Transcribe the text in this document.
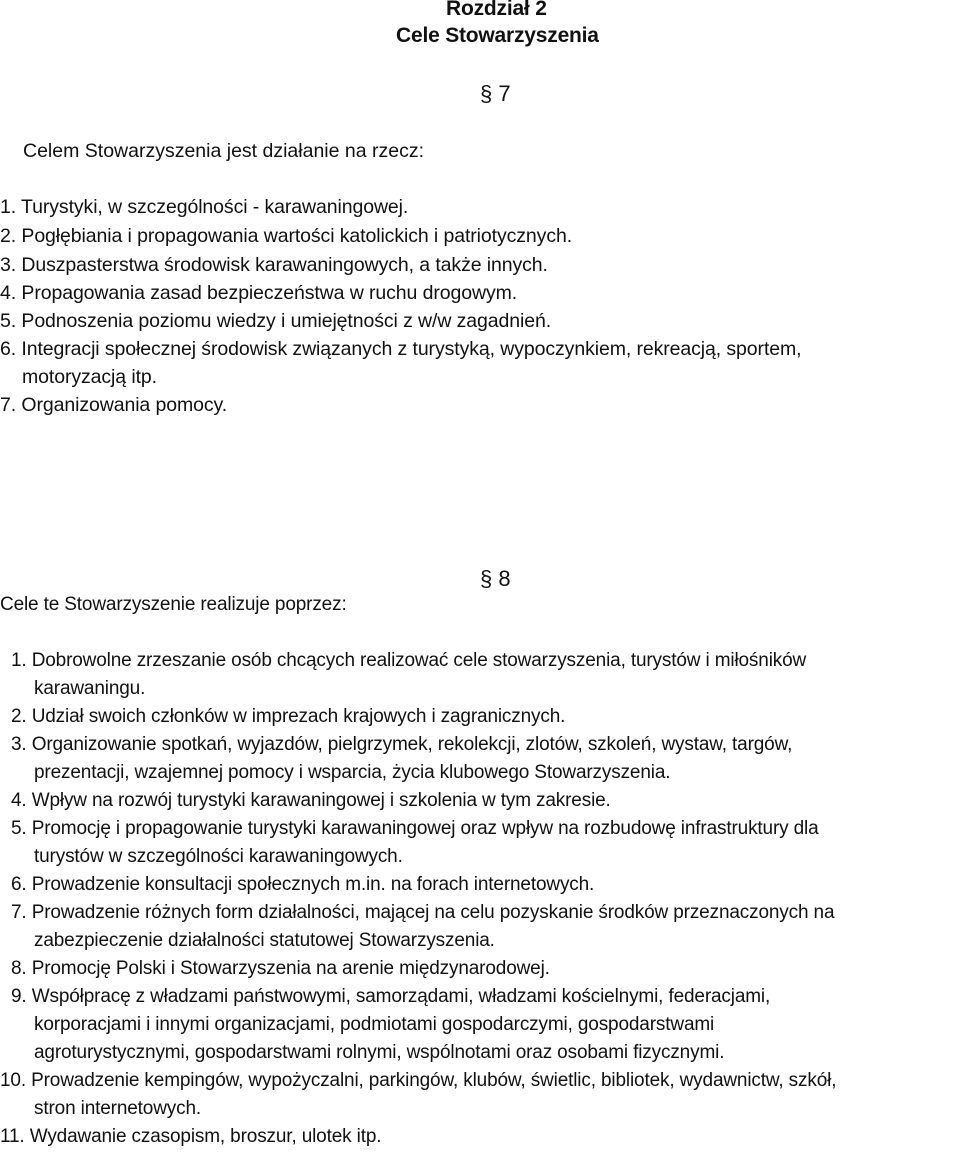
Rozdział 2
Cele Stowarzyszenia
§ 7
Celem Stowarzyszenia jest działanie na rzecz:
1. Turystyki, w szczególności - karawaningowej.
2. Pogłębiania i propagowania wartości katolickich i patriotycznych.
3. Duszpasterstwa środowisk karawaningowych, a także innych.
4. Propagowania zasad bezpieczeństwa w ruchu drogowym.
5. Podnoszenia poziomu wiedzy i umiejętności z w/w zagadnień.
6. Integracji społecznej środowisk związanych z turystyką, wypoczynkiem, rekreacją, sportem,
motoryzacją itp.
7. Organizowania pomocy.
§ 8
Cele te Stowarzyszenie realizuje poprzez:
1. Dobrowolne zrzeszanie osób chcących realizować cele stowarzyszenia, turystów i miłośników
karawaningu.
2. Udział swoich członków w imprezach krajowych i zagranicznych.
3. Organizowanie spotkań, wyjazdów, pielgrzymek, rekolekcji, zlotów, szkoleń, wystaw, targów,
prezentacji, wzajemnej pomocy i wsparcia, życia klubowego Stowarzyszenia.
4. Wpływ na rozwój turystyki karawaningowej i szkolenia w tym zakresie.
5. Promocję i propagowanie turystyki karawaningowej oraz wpływ na rozbudowę infrastruktury dla
turystów w szczególności karawaningowych.
6. Prowadzenie konsultacji społecznych m.in. na forach internetowych.
7. Prowadzenie różnych form działalności, mającej na celu pozyskanie środków przeznaczonych na
zabezpieczenie działalności statutowej Stowarzyszenia.
8. Promocję Polski i Stowarzyszenia na arenie międzynarodowej.
9. Współpracę z władzami państwowymi, samorządami, władzami kościelnymi, federacjami,
korporacjami i innymi organizacjami, podmiotami gospodarczymi, gospodarstwami
agroturystycznymi, gospodarstwami rolnymi, wspólnotami oraz osobami fizycznymi.
10. Prowadzenie kempingów, wypożyczalni, parkingów, klubów, świetlic, bibliotek, wydawnictw, szkół,
stron internetowych.
11. Wydawanie czasopism, broszur, ulotek itp.
